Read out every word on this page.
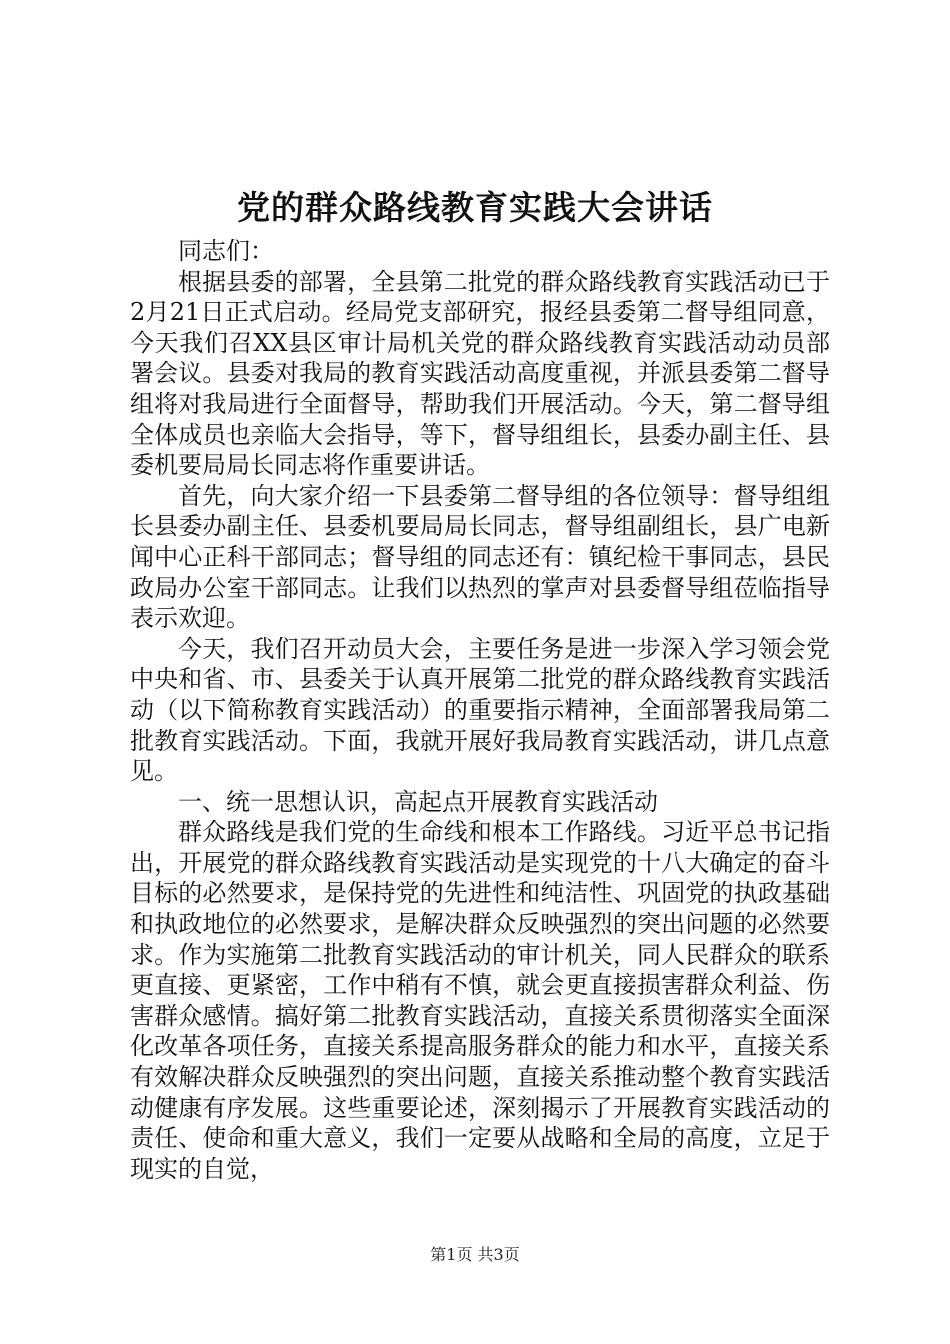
党的群众路线教育实践大会讲话

同志们：

根据县委的部署，全县第二批党的群众路线教育实践活动已于2月21日正式启动。经局党支部研究，报经县委第二督导组同意，今天我们召XX县区审计局机关党的群众路线教育实践活动动员部署会议。县委对我局的教育实践活动高度重视，并派县委第二督导组将对我局进行全面督导，帮助我们开展活动。今天，第二督导组全体成员也亲临大会指导，等下，督导组组长，县委办副主任、县委机要局局长同志将作重要讲话。

首先，向大家介绍一下县委第二督导组的各位领导：督导组组长县委办副主任、县委机要局局长同志，督导组副组长，县广电新闻中心正科干部同志；督导组的同志还有：镇纪检干事同志，县民政局办公室干部同志。让我们以热烈的掌声对县委督导组莅临指导表示欢迎。

今天，我们召开动员大会，主要任务是进一步深入学习领会党中央和省、市、县委关于认真开展第二批党的群众路线教育实践活动（以下简称教育实践活动）的重要指示精神，全面部署我局第二批教育实践活动。下面，我就开展好我局教育实践活动，讲几点意见。

一、统一思想认识，高起点开展教育实践活动

群众路线是我们党的生命线和根本工作路线。习近平总书记指出，开展党的群众路线教育实践活动是实现党的十八大确定的奋斗目标的必然要求，是保持党的先进性和纯洁性、巩固党的执政基础和执政地位的必然要求，是解决群众反映强烈的突出问题的必然要求。作为实施第二批教育实践活动的审计机关，同人民群众的联系更直接、更紧密，工作中稍有不慎，就会更直接损害群众利益、伤害群众感情。搞好第二批教育实践活动，直接关系贯彻落实全面深化改革各项任务，直接关系提高服务群众的能力和水平，直接关系有效解决群众反映强烈的突出问题，直接关系推动整个教育实践活动健康有序发展。这些重要论述，深刻揭示了开展教育实践活动的责任、使命和重大意义，我们一定要从战略和全局的高度，立足于现实的自觉，

第1页 共3页
